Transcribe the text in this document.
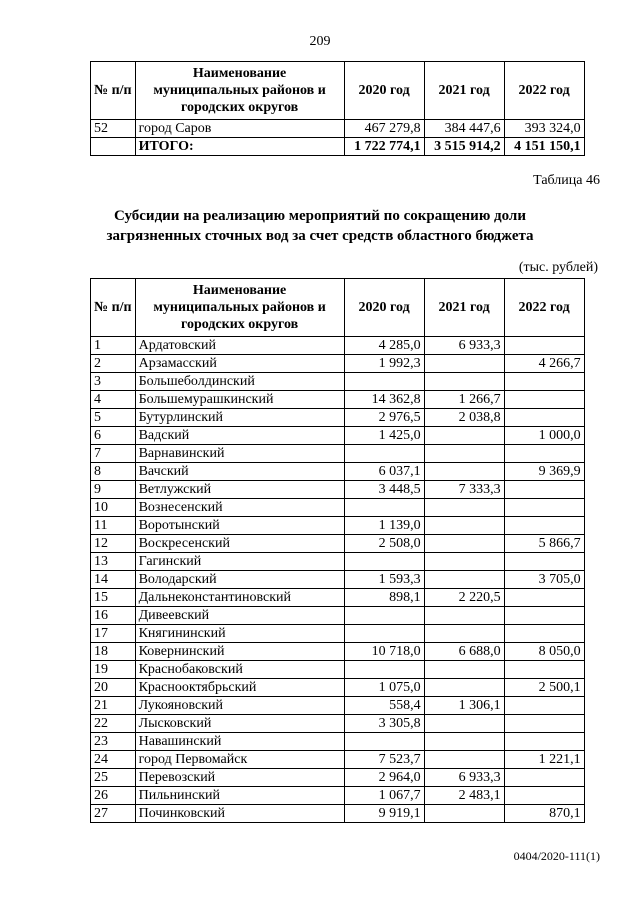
209
№ п/п	Наименование муниципальных районов и городских округов	2020 год	2021 год	2022 год
52	город Саров	467 279,8	384 447,6	393 324,0
	ИТОГО:	1 722 774,1	3 515 914,2	4 151 150,1
Таблица 46
Субсидии на реализацию мероприятий по сокращению доли
загрязненных сточных вод за счет средств областного бюджета
(тыс. рублей)
№ п/п	Наименование муниципальных районов и городских округов	2020 год	2021 год	2022 год
1	Ардатовский	4 285,0	6 933,3	
2	Арзамасский	1 992,3		4 266,7
3	Большеболдинский			
4	Большемурашкинский	14 362,8	1 266,7	
5	Бутурлинский	2 976,5	2 038,8	
6	Вадский	1 425,0		1 000,0
7	Варнавинский			
8	Вачский	6 037,1		9 369,9
9	Ветлужский	3 448,5	7 333,3	
10	Вознесенский			
11	Воротынский	1 139,0		
12	Воскресенский	2 508,0		5 866,7
13	Гагинский			
14	Володарский	1 593,3		3 705,0
15	Дальнеконстантиновский	898,1	2 220,5	
16	Дивеевский			
17	Княгининский			
18	Ковернинский	10 718,0	6 688,0	8 050,0
19	Краснобаковский			
20	Краснооктябрьский	1 075,0		2 500,1
21	Лукояновский	558,4	1 306,1	
22	Лысковский	3 305,8		
23	Навашинский			
24	город Первомайск	7 523,7		1 221,1
25	Перевозский	2 964,0	6 933,3	
26	Пильнинский	1 067,7	2 483,1	
27	Починковский	9 919,1		870,1
0404/2020-111(1)
